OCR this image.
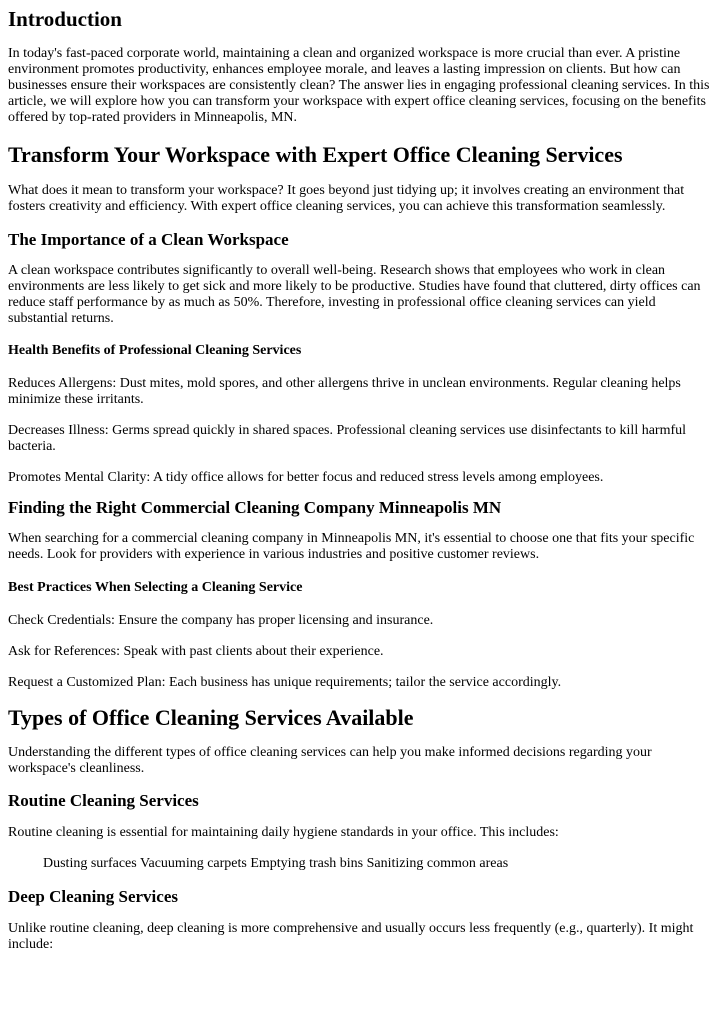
Introduction

In today's fast-paced corporate world, maintaining a clean and organized workspace is more crucial than ever. A pristine environment promotes productivity, enhances employee morale, and leaves a lasting impression on clients. But how can businesses ensure their workspaces are consistently clean? The answer lies in engaging professional cleaning services. In this article, we will explore how you can transform your workspace with expert office cleaning services, focusing on the benefits offered by top-rated providers in Minneapolis, MN.

Transform Your Workspace with Expert Office Cleaning Services

What does it mean to transform your workspace? It goes beyond just tidying up; it involves creating an environment that fosters creativity and efficiency. With expert office cleaning services, you can achieve this transformation seamlessly.

The Importance of a Clean Workspace

A clean workspace contributes significantly to overall well-being. Research shows that employees who work in clean environments are less likely to get sick and more likely to be productive. Studies have found that cluttered, dirty offices can reduce staff performance by as much as 50%. Therefore, investing in professional office cleaning services can yield substantial returns.

Health Benefits of Professional Cleaning Services

Reduces Allergens: Dust mites, mold spores, and other allergens thrive in unclean environments. Regular cleaning helps minimize these irritants.

Decreases Illness: Germs spread quickly in shared spaces. Professional cleaning services use disinfectants to kill harmful bacteria.

Promotes Mental Clarity: A tidy office allows for better focus and reduced stress levels among employees.

Finding the Right Commercial Cleaning Company Minneapolis MN

When searching for a commercial cleaning company in Minneapolis MN, it's essential to choose one that fits your specific needs. Look for providers with experience in various industries and positive customer reviews.

Best Practices When Selecting a Cleaning Service

Check Credentials: Ensure the company has proper licensing and insurance.

Ask for References: Speak with past clients about their experience.

Request a Customized Plan: Each business has unique requirements; tailor the service accordingly.

Types of Office Cleaning Services Available

Understanding the different types of office cleaning services can help you make informed decisions regarding your workspace's cleanliness.

Routine Cleaning Services

Routine cleaning is essential for maintaining daily hygiene standards in your office. This includes:

Dusting surfaces Vacuuming carpets Emptying trash bins Sanitizing common areas
Deep Cleaning Services

Unlike routine cleaning, deep cleaning is more comprehensive and usually occurs less frequently (e.g., quarterly). It might include:
